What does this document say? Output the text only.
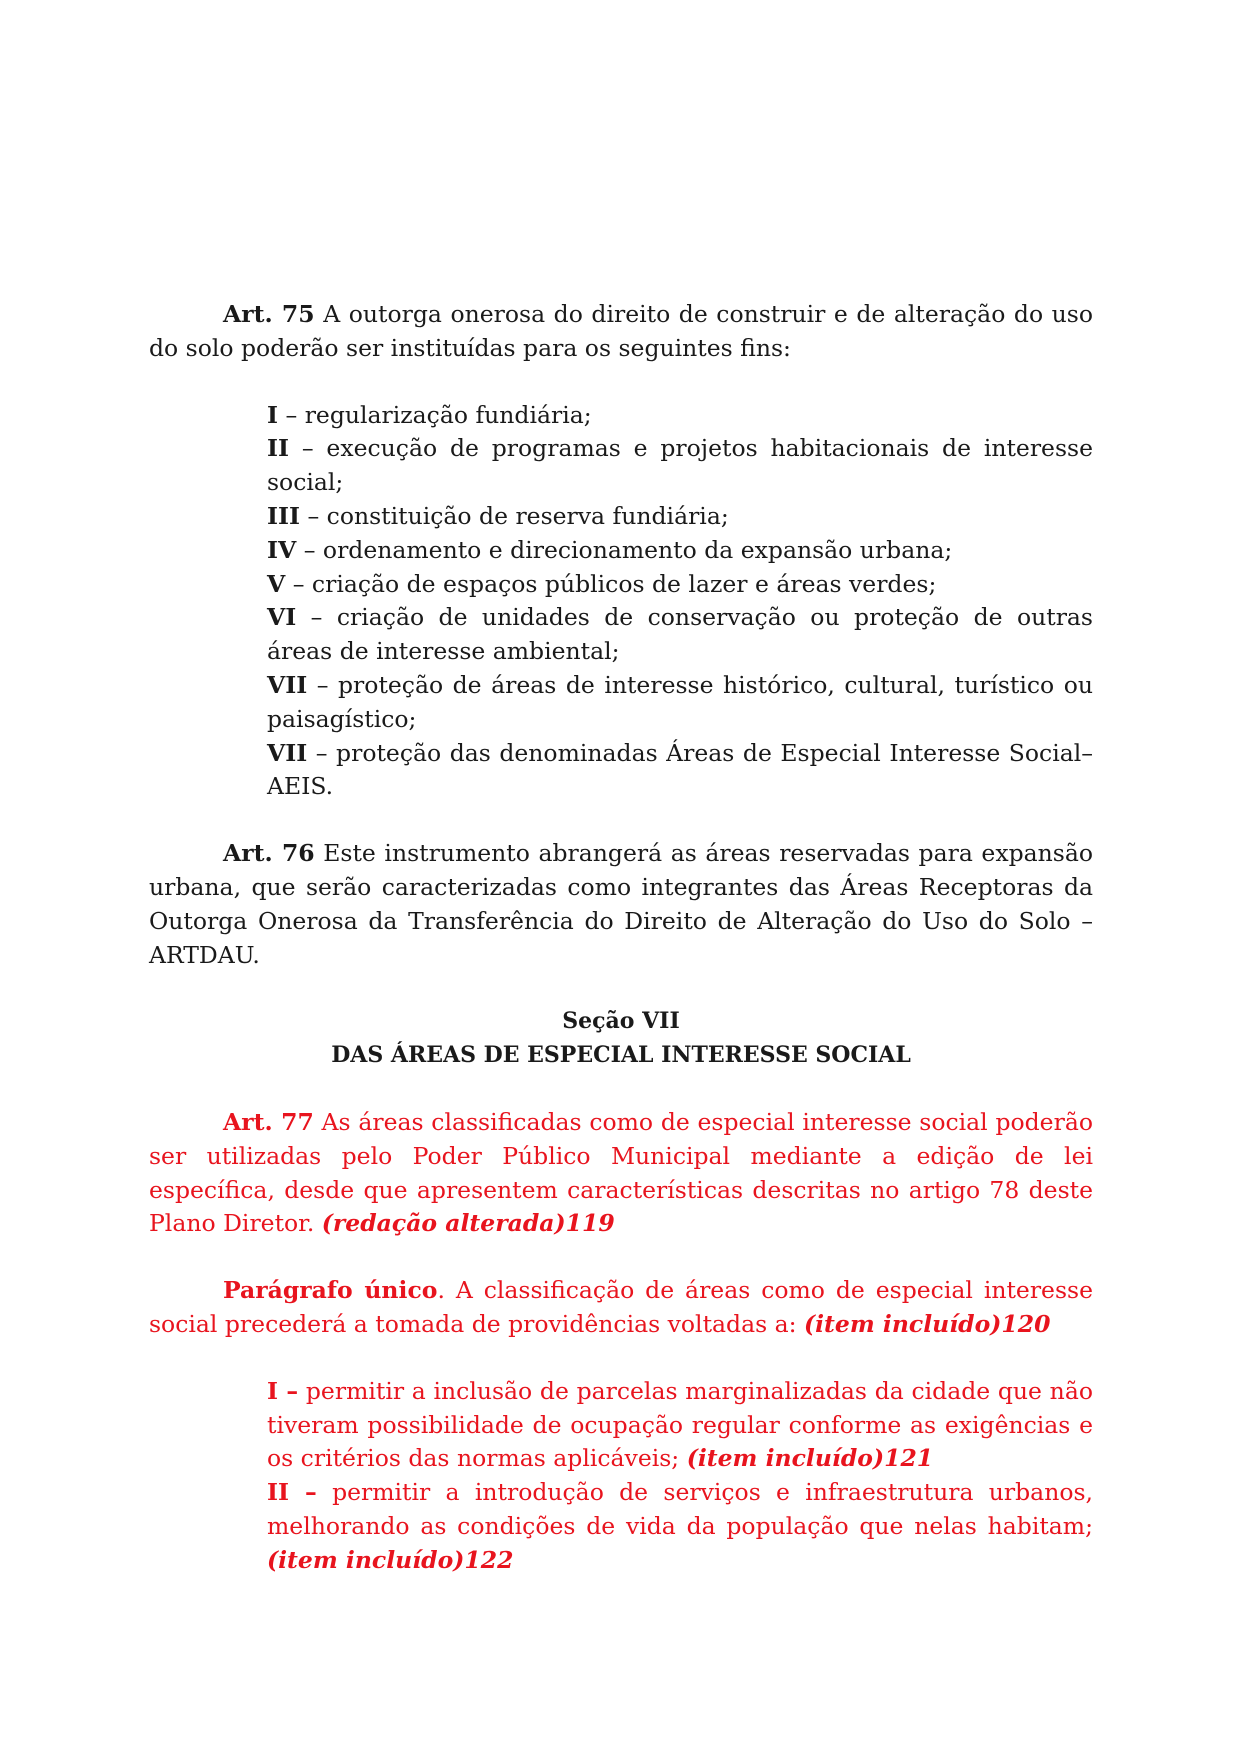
Art. 75 A outorga onerosa do direito de construir e de alteração do uso do solo poderão ser instituídas para os seguintes fins:

I – regularização fundiária;

II – execução de programas e projetos habitacionais de interesse social;

III – constituição de reserva fundiária;

IV – ordenamento e direcionamento da expansão urbana;

V – criação de espaços públicos de lazer e áreas verdes;

VI – criação de unidades de conservação ou proteção de outras áreas de interesse ambiental;

VII – proteção de áreas de interesse histórico, cultural, turístico ou paisagístico;

VII – proteção das denominadas Áreas de Especial Interesse Social– AEIS.

Art. 76 Este instrumento abrangerá as áreas reservadas para expansão urbana, que serão caracterizadas como integrantes das Áreas Receptoras da Outorga Onerosa da Transferência do Direito de Alteração do Uso do Solo – ARTDAU.

Seção VII
DAS ÁREAS DE ESPECIAL INTERESSE SOCIAL

Art. 77 As áreas classificadas como de especial interesse social poderão ser utilizadas pelo Poder Público Municipal mediante a edição de lei específica, desde que apresentem características descritas no artigo 78 deste Plano Diretor. (redação alterada)119

Parágrafo único. A classificação de áreas como de especial interesse social precederá a tomada de providências voltadas a: (item incluído)120

I – permitir a inclusão de parcelas marginalizadas da cidade que não tiveram possibilidade de ocupação regular conforme as exigências e os critérios das normas aplicáveis; (item incluído)121

II – permitir a introdução de serviços e infraestrutura urbanos, melhorando as condições de vida da população que nelas habitam; (item incluído)122
